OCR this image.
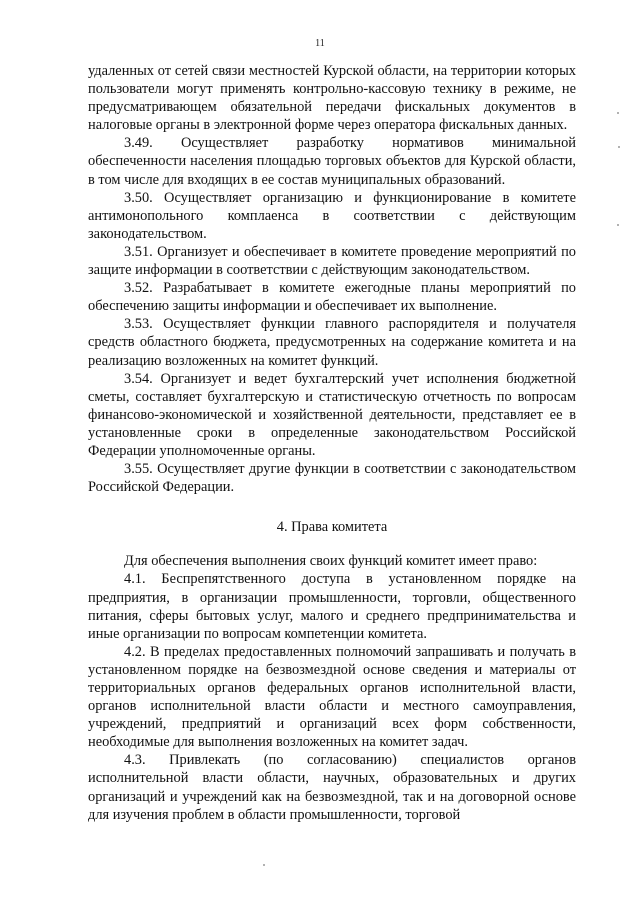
11

удаленных от сетей связи местностей Курской области, на территории которых пользователи могут применять контрольно-кассовую технику в режиме, не предусматривающем обязательной передачи фискальных документов в налоговые органы в электронной форме через оператора фискальных данных.

3.49. Осуществляет разработку нормативов минимальной обеспеченности населения площадью торговых объектов для Курской области, в том числе для входящих в ее состав муниципальных образований.

3.50. Осуществляет организацию и функционирование в комитете антимонопольного комплаенса в соответствии с действующим законодательством.

3.51. Организует и обеспечивает в комитете проведение мероприятий по защите информации в соответствии с действующим законодательством.

3.52. Разрабатывает в комитете ежегодные планы мероприятий по обеспечению защиты информации и обеспечивает их выполнение.

3.53. Осуществляет функции главного распорядителя и получателя средств областного бюджета, предусмотренных на содержание комитета и на реализацию возложенных на комитет функций.

3.54. Организует и ведет бухгалтерский учет исполнения бюджетной сметы, составляет бухгалтерскую и статистическую отчетность по вопросам финансово-экономической и хозяйственной деятельности, представляет ее в установленные сроки в определенные законодательством Российской Федерации уполномоченные органы.

3.55. Осуществляет другие функции в соответствии с законодательством Российской Федерации.

4. Права комитета

Для обеспечения выполнения своих функций комитет имеет право:

4.1. Беспрепятственного доступа в установленном порядке на предприятия, в организации промышленности, торговли, общественного питания, сферы бытовых услуг, малого и среднего предпринимательства и иные организации по вопросам компетенции комитета.

4.2. В пределах предоставленных полномочий запрашивать и получать в установленном порядке на безвозмездной основе сведения и материалы от территориальных органов федеральных органов исполнительной власти, органов исполнительной власти области и местного самоуправления, учреждений, предприятий и организаций всех форм собственности, необходимые для выполнения возложенных на комитет задач.

4.3. Привлекать (по согласованию) специалистов органов исполнительной власти области, научных, образовательных и других организаций и учреждений как на безвозмездной, так и на договорной основе для изучения проблем в области промышленности, торговой
